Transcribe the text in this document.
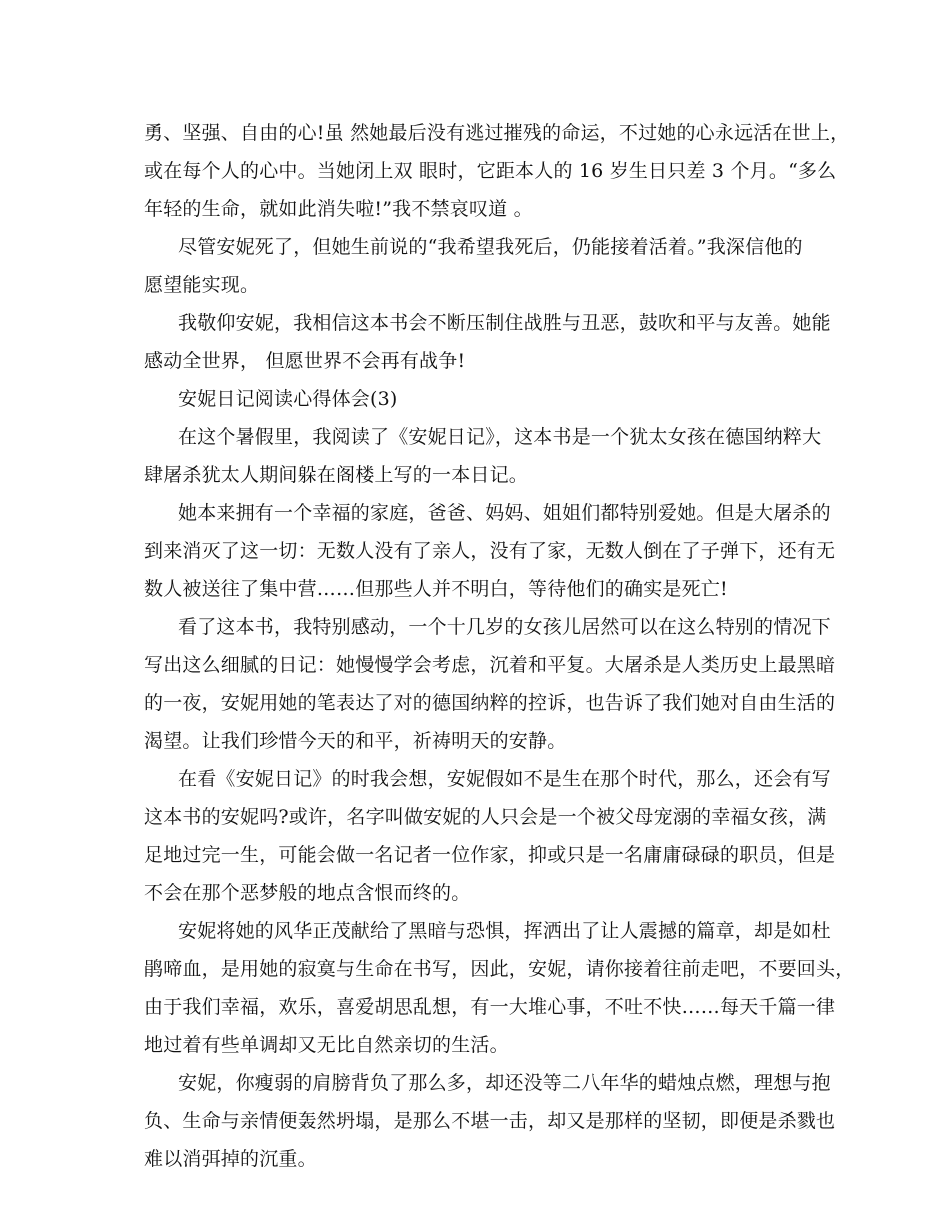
勇、坚强、自由的心!虽 然她最后没有逃过摧残的命运，不过她的心永远活在世上，
或在每个人的心中。当她闭上双 眼时，它距本人的 16 岁生日只差 3 个月。“多么
年轻的生命，就如此消失啦!”我不禁哀叹道 。
尽管安妮死了，但她生前说的“我希望我死后，仍能接着活着。”我深信他的
愿望能实现。
我敬仰安妮，我相信这本书会不断压制住战胜与丑恶，鼓吹和平与友善。她能
感动全世界， 但愿世界不会再有战争!
安妮日记阅读心得体会(3)
在这个暑假里，我阅读了《安妮日记》，这本书是一个犹太女孩在德国纳粹大
肆屠杀犹太人期间躲在阁楼上写的一本日记。
她本来拥有一个幸福的家庭，爸爸、妈妈、姐姐们都特别爱她。但是大屠杀的
到来消灭了这一切：无数人没有了亲人，没有了家，无数人倒在了子弹下，还有无
数人被送往了集中营……但那些人并不明白，等待他们的确实是死亡!
看了这本书，我特别感动，一个十几岁的女孩儿居然可以在这么特别的情况下
写出这么细腻的日记：她慢慢学会考虑，沉着和平复。大屠杀是人类历史上最黑暗
的一夜，安妮用她的笔表达了对的德国纳粹的控诉，也告诉了我们她对自由生活的
渴望。让我们珍惜今天的和平，祈祷明天的安静。
在看《安妮日记》的时我会想，安妮假如不是生在那个时代，那么，还会有写
这本书的安妮吗?或许，名字叫做安妮的人只会是一个被父母宠溺的幸福女孩，满
足地过完一生，可能会做一名记者一位作家，抑或只是一名庸庸碌碌的职员，但是
不会在那个恶梦般的地点含恨而终的。
安妮将她的风华正茂献给了黑暗与恐惧，挥洒出了让人震撼的篇章，却是如杜
鹃啼血，是用她的寂寞与生命在书写，因此，安妮，请你接着往前走吧，不要回头，
由于我们幸福，欢乐，喜爱胡思乱想，有一大堆心事，不吐不快……每天千篇一律
地过着有些单调却又无比自然亲切的生活。
安妮，你瘦弱的肩膀背负了那么多，却还没等二八年华的蜡烛点燃，理想与抱
负、生命与亲情便轰然坍塌，是那么不堪一击，却又是那样的坚韧，即便是杀戮也
难以消弭掉的沉重。
